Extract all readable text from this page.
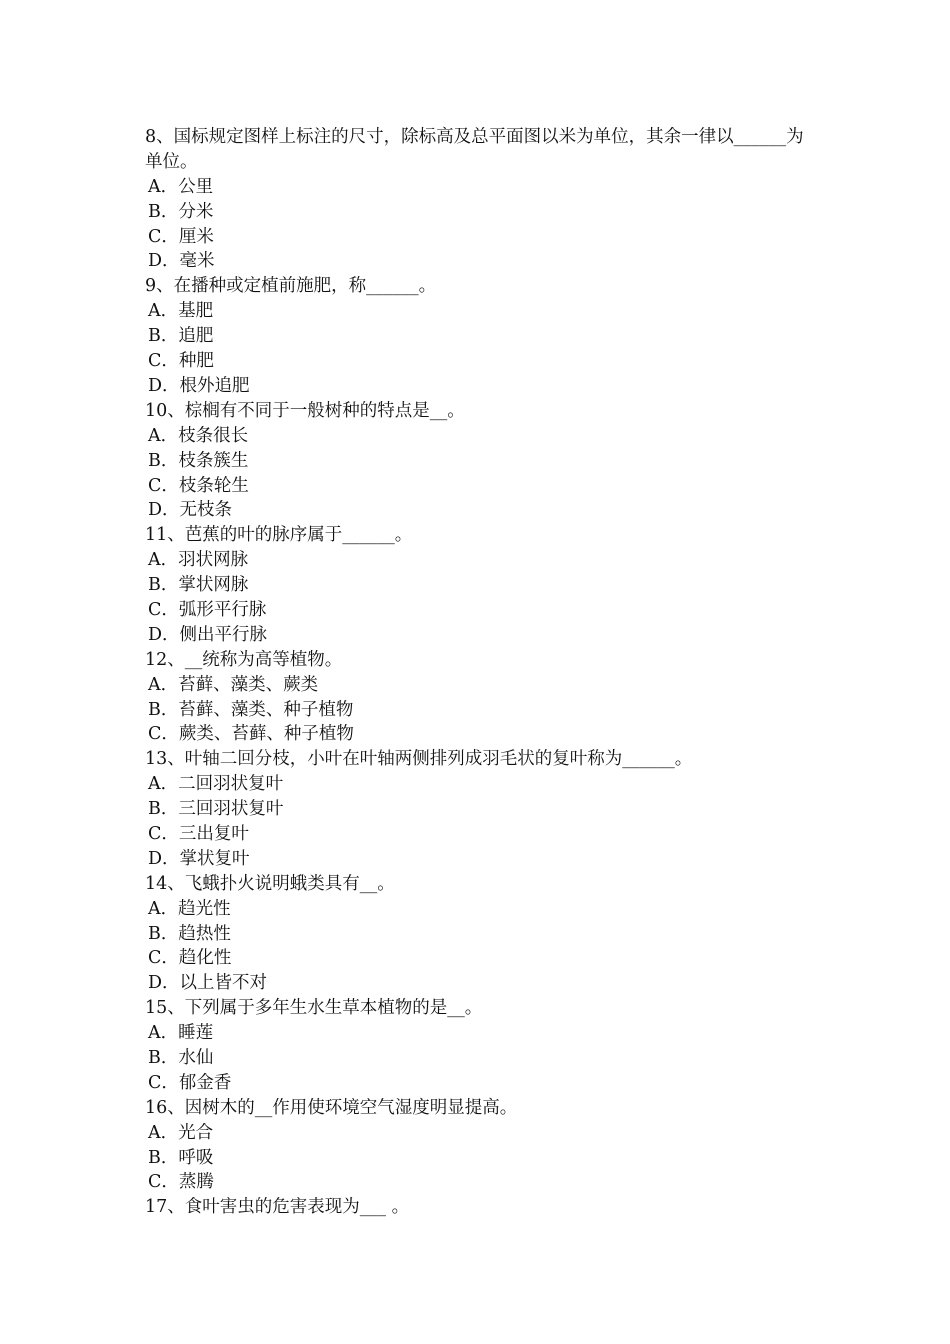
8、国标规定图样上标注的尺寸，除标高及总平面图以米为单位，其余一律以______为单位。
A．公里
B．分米
C．厘米
D．毫米
9、在播种或定植前施肥，称______。
A．基肥
B．追肥
C．种肥
D．根外追肥
10、棕榈有不同于一般树种的特点是__。
A．枝条很长
B．枝条簇生
C．枝条轮生
D．无枝条
11、芭蕉的叶的脉序属于______。
A．羽状网脉
B．掌状网脉
C．弧形平行脉
D．侧出平行脉
12、__统称为高等植物。
A．苔藓、藻类、蕨类
B．苔藓、藻类、种子植物
C．蕨类、苔藓、种子植物
13、叶轴二回分枝，小叶在叶轴两侧排列成羽毛状的复叶称为______。
A．二回羽状复叶
B．三回羽状复叶
C．三出复叶
D．掌状复叶
14、飞蛾扑火说明蛾类具有__。
A．趋光性
B．趋热性
C．趋化性
D．以上皆不对
15、下列属于多年生水生草本植物的是__。
A．睡莲
B．水仙
C．郁金香
16、因树木的__作用使环境空气湿度明显提高。
A．光合
B．呼吸
C．蒸腾
17、食叶害虫的危害表现为___ 。
